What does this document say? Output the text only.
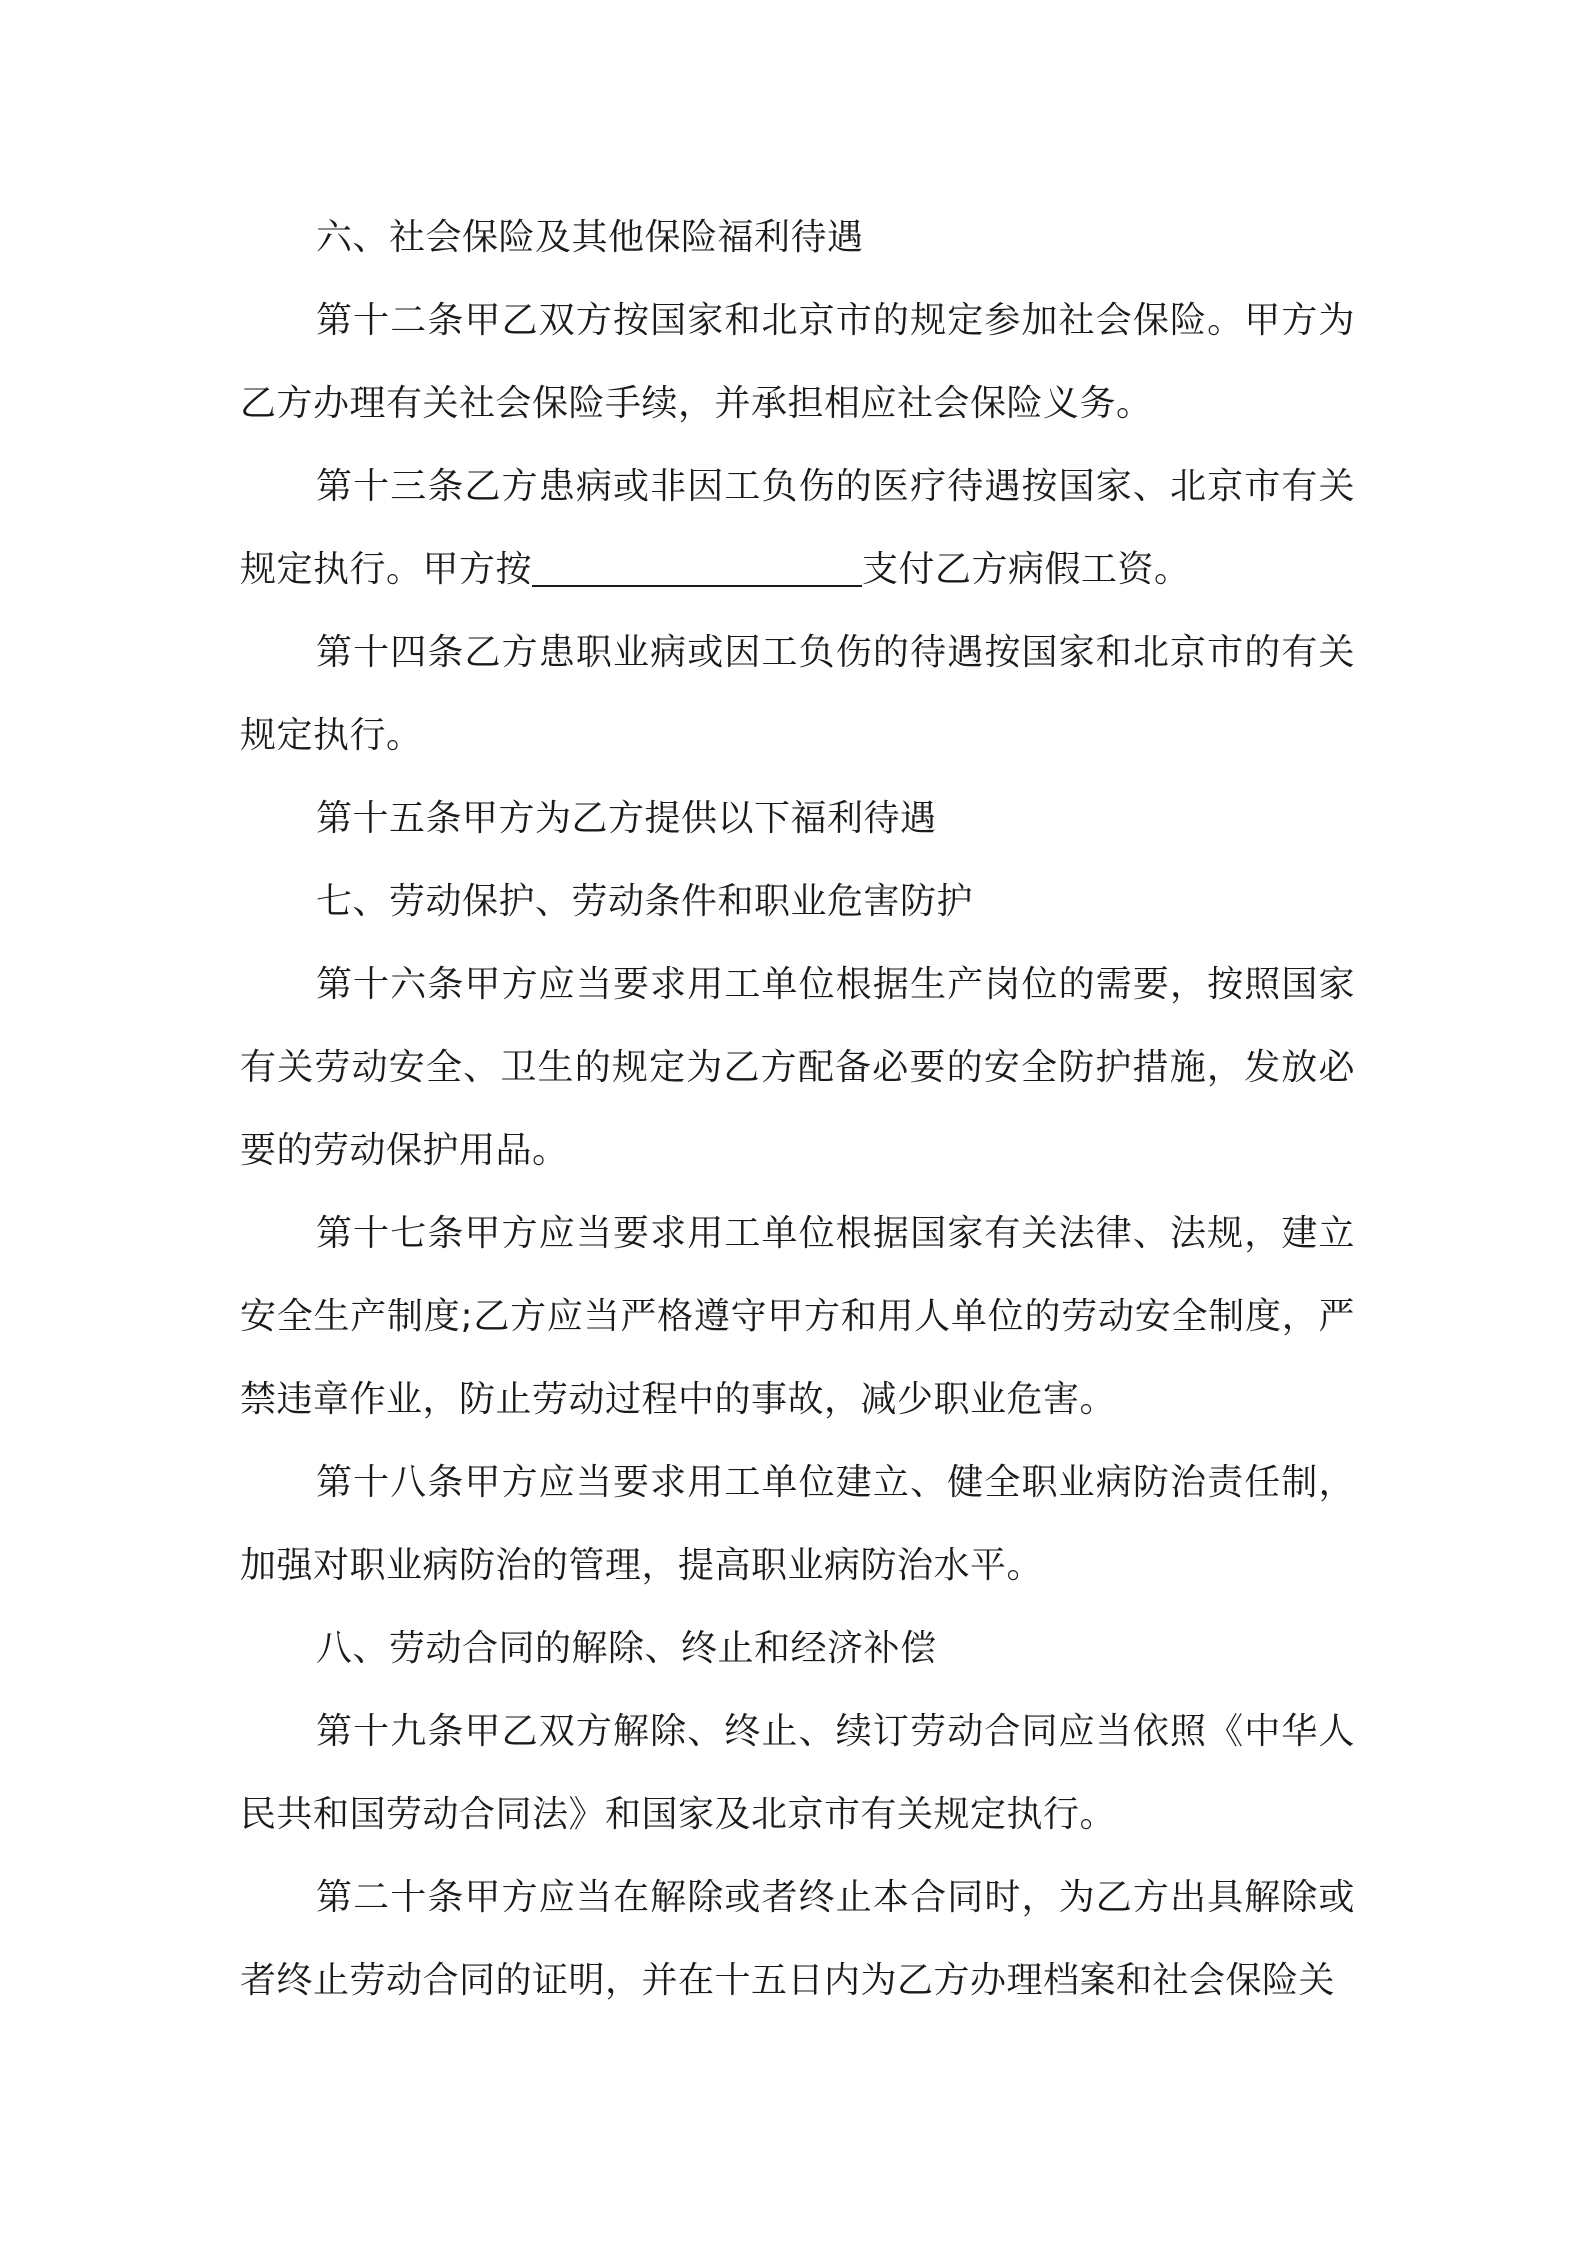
六、社会保险及其他保险福利待遇

第十二条甲乙双方按国家和北京市的规定参加社会保险。甲方为乙方办理有关社会保险手续，并承担相应社会保险义务。

第十三条乙方患病或非因工负伤的医疗待遇按国家、北京市有关规定执行。甲方按	支付乙方病假工资。

第十四条乙方患职业病或因工负伤的待遇按国家和北京市的有关规定执行。

第十五条甲方为乙方提供以下福利待遇

七、劳动保护、劳动条件和职业危害防护

第十六条甲方应当要求用工单位根据生产岗位的需要，按照国家有关劳动安全、卫生的规定为乙方配备必要的安全防护措施，发放必要的劳动保护用品。

第十七条甲方应当要求用工单位根据国家有关法律、法规，建立安全生产制度;乙方应当严格遵守甲方和用人单位的劳动安全制度，严禁违章作业，防止劳动过程中的事故，减少职业危害。

第十八条甲方应当要求用工单位建立、健全职业病防治责任制，加强对职业病防治的管理，提高职业病防治水平。

八、劳动合同的解除、终止和经济补偿

第十九条甲乙双方解除、终止、续订劳动合同应当依照《中华人民共和国劳动合同法》和国家及北京市有关规定执行。

第二十条甲方应当在解除或者终止本合同时，为乙方出具解除或者终止劳动合同的证明，并在十五日内为乙方办理档案和社会保险关
